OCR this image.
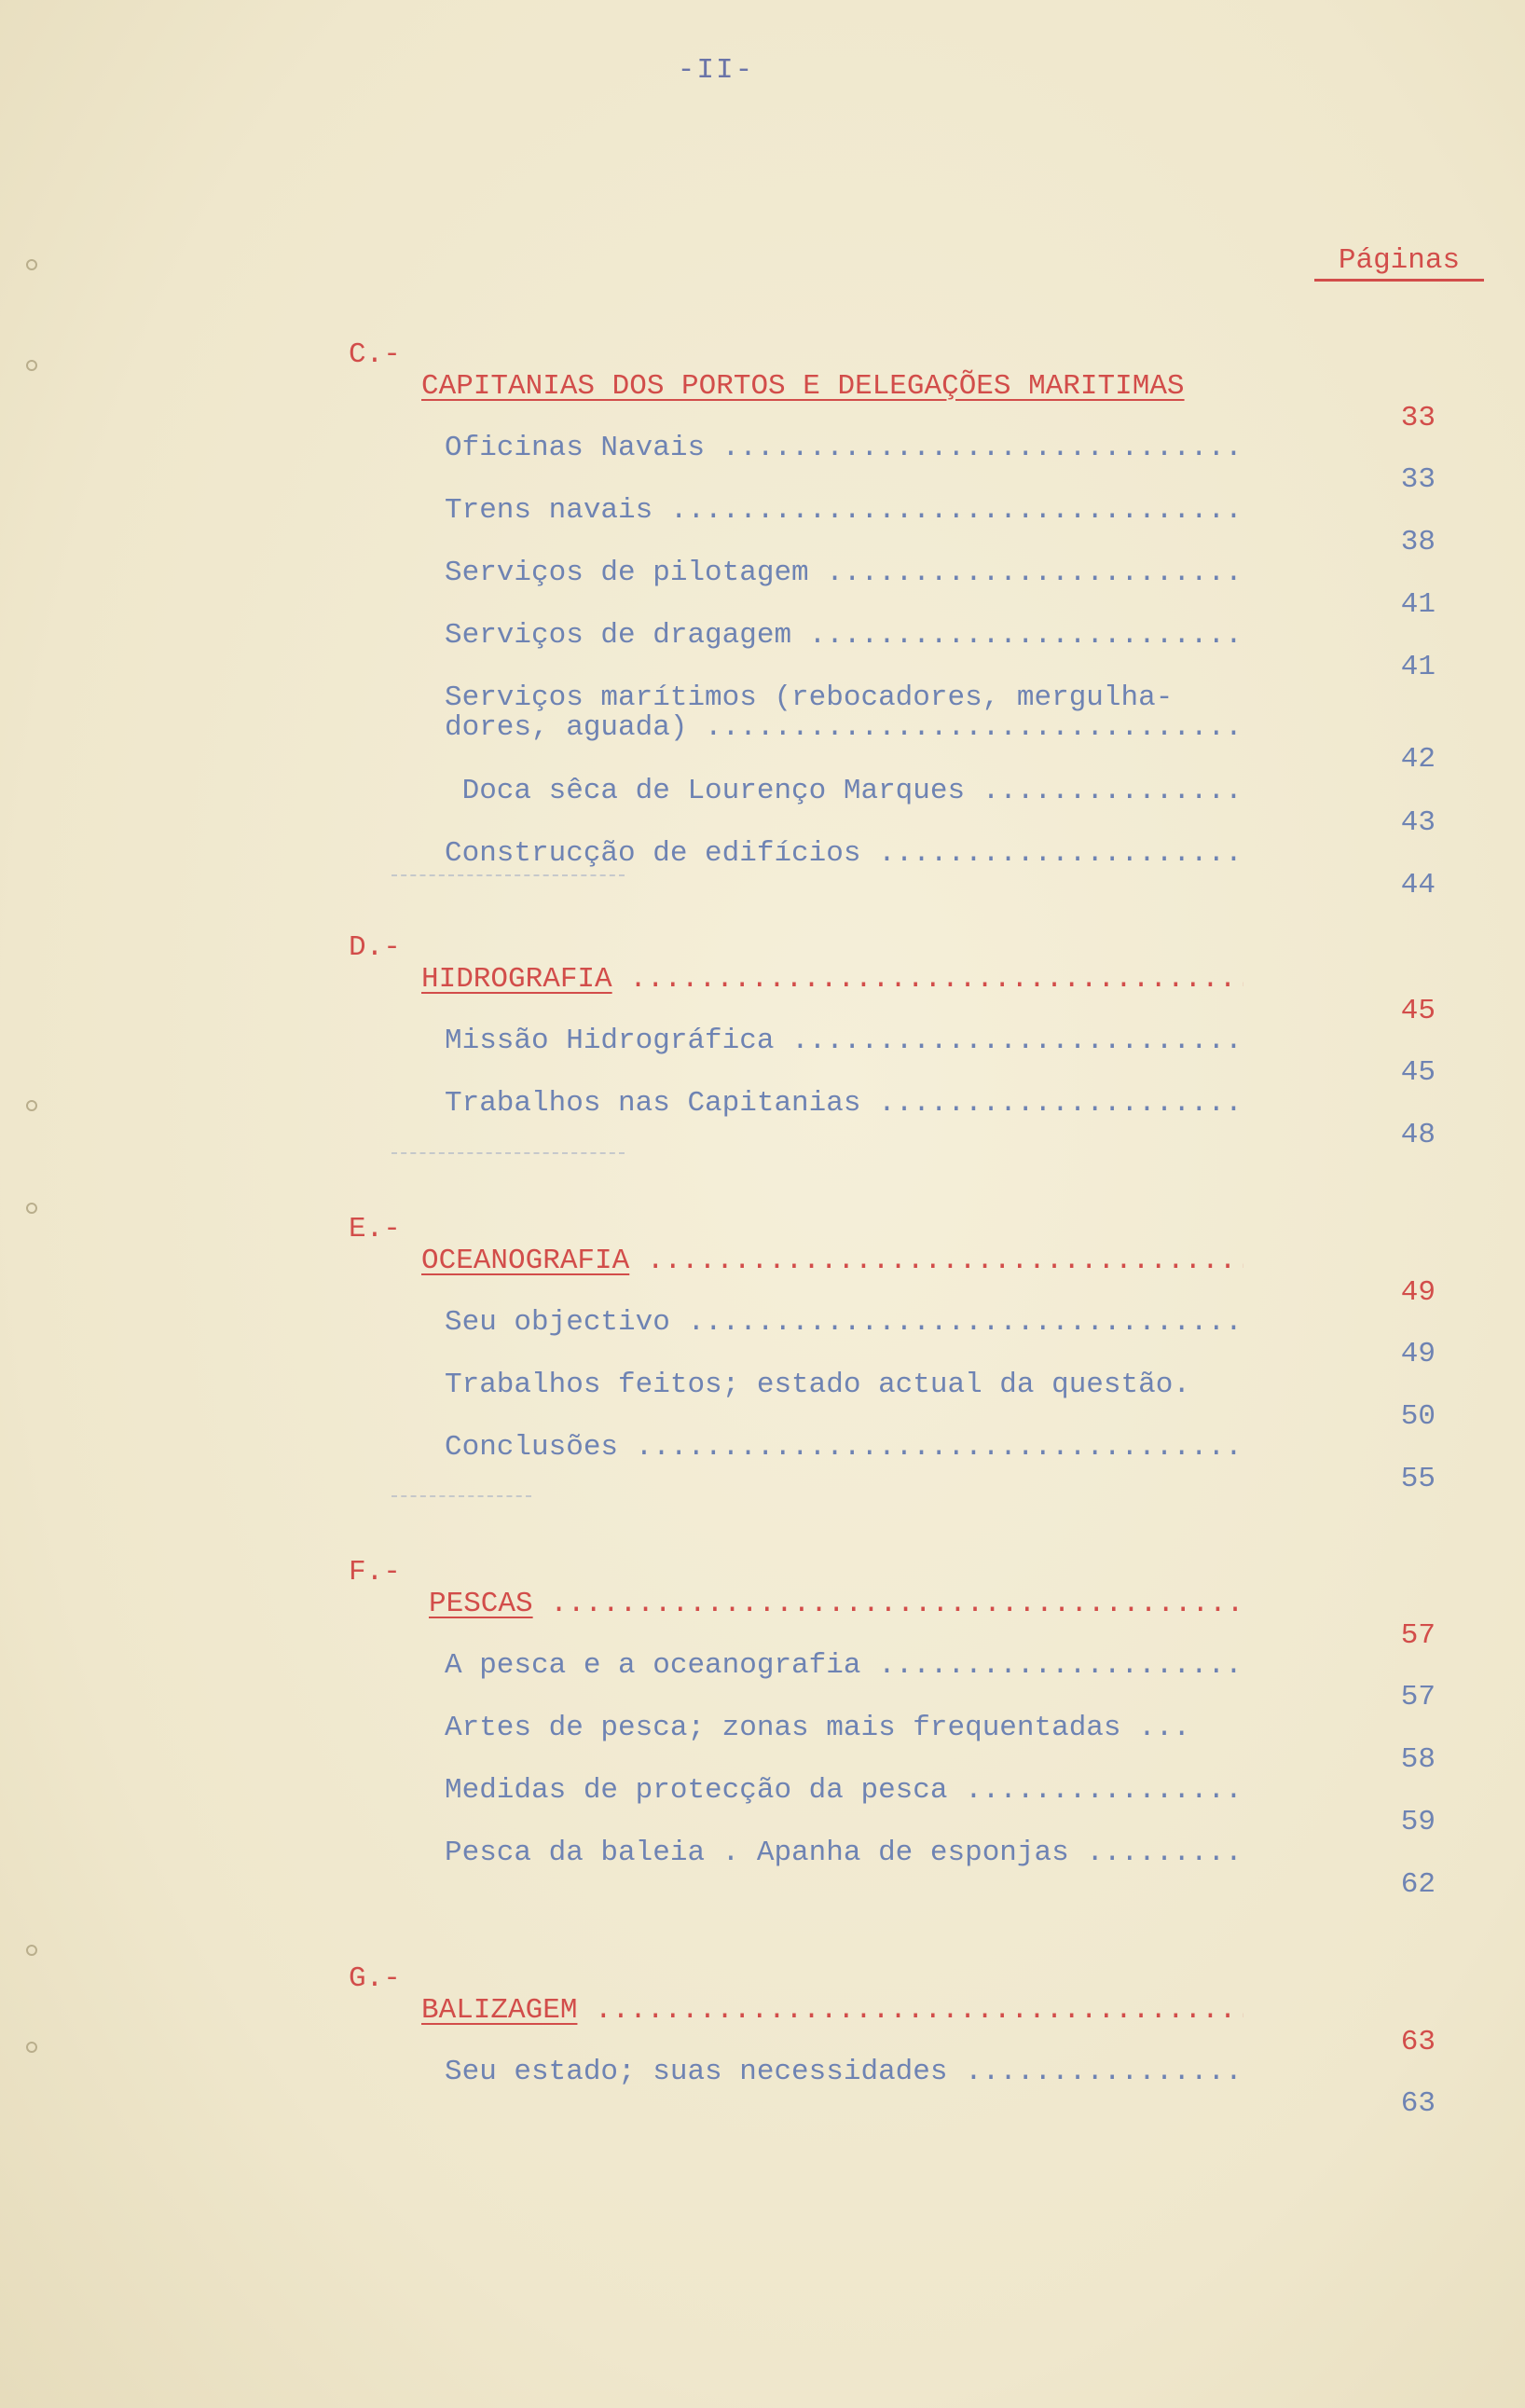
-II-
Páginas

C.-

CAPITANIAS DOS PORTOS E DELEGAÇÕES MARITIMAS

33

Oficinas Navais .....

33

Trens navais .....

38

Serviços de pilotagem .....

41

Serviços de dragagem .....

41

Serviços marítimos (rebocadores, mergulha-

dores, aguada) .....

42

Doca sêca de Lourenço Marques .....

43

Construcção de edifícios .....

44

D.-

HIDROGRAFIA .....

45

Missão Hidrográfica .....

45

Trabalhos nas Capitanias .....

48

E.-

OCEANOGRAFIA .....

49

Seu objectivo .....

49

Trabalhos feitos; estado actual da questão.

50

Conclusões .....

55

F.-

PESCAS .....

57

A pesca e a oceanografia .....

57

Artes de pesca; zonas mais frequentadas ...

58

Medidas de protecção da pesca .....

59

Pesca da baleia . Apanha de esponjas .....

62

G.-

BALIZAGEM .....

63

Seu estado; suas necessidades .....

63
